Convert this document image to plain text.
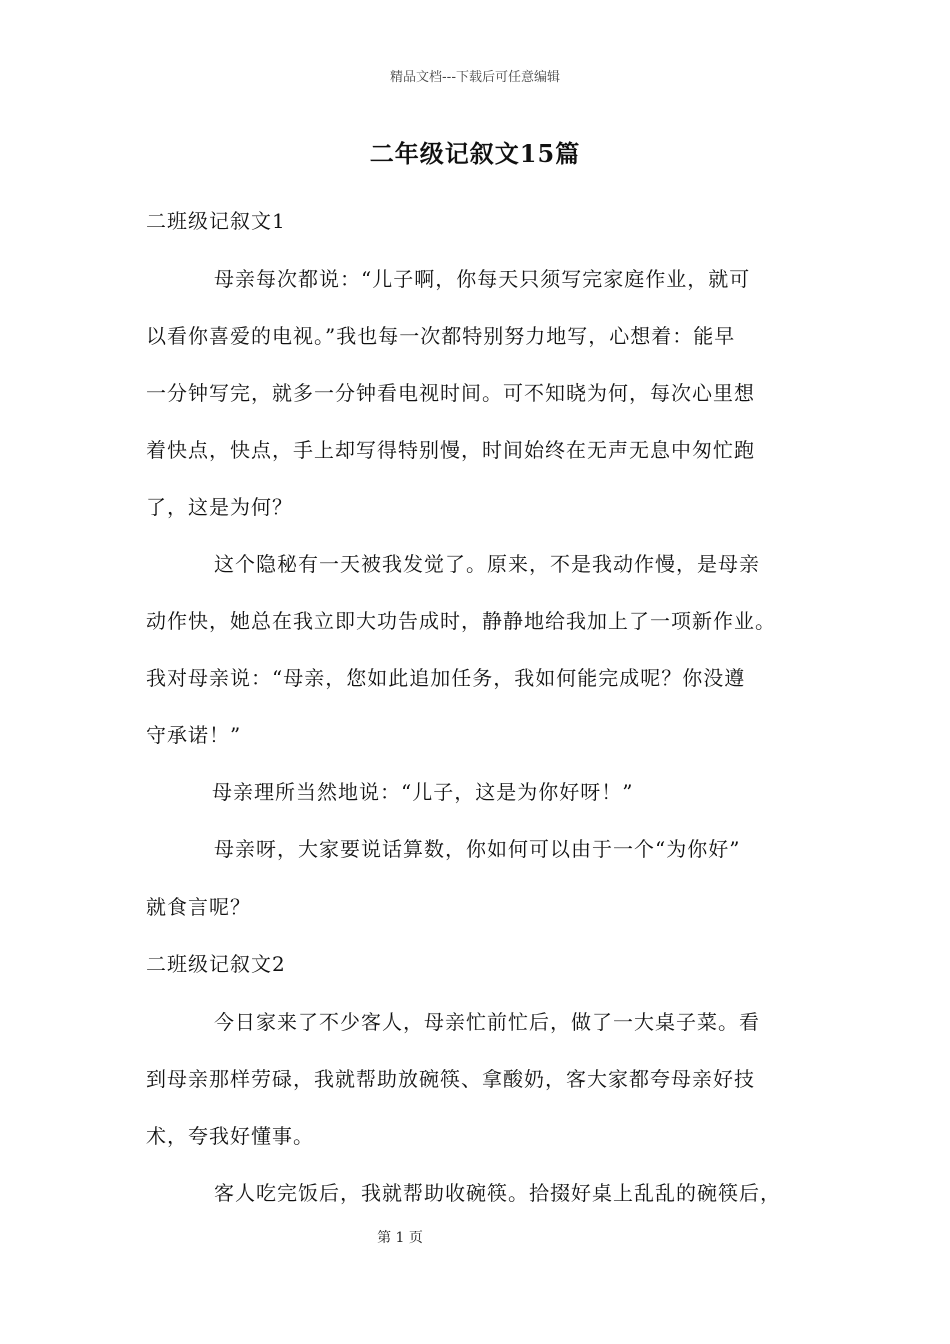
精品文档---下载后可任意编辑
二年级记叙文15篇
二班级记叙文1
母亲每次都说：“儿子啊，你每天只须写完家庭作业，就可
以看你喜爱的电视。”我也每一次都特别努力地写，心想着：能早
一分钟写完，就多一分钟看电视时间。可不知晓为何，每次心里想
着快点，快点，手上却写得特别慢，时间始终在无声无息中匆忙跑
了，这是为何？
这个隐秘有一天被我发觉了。原来，不是我动作慢，是母亲
动作快，她总在我立即大功告成时，静静地给我加上了一项新作业。
我对母亲说：“母亲，您如此追加任务，我如何能完成呢？你没遵
守承诺！”
母亲理所当然地说：“儿子，这是为你好呀！”
母亲呀，大家要说话算数，你如何可以由于一个“为你好”
就食言呢？
二班级记叙文2
今日家来了不少客人，母亲忙前忙后，做了一大桌子菜。看
到母亲那样劳碌，我就帮助放碗筷、拿酸奶，客大家都夸母亲好技
术，夸我好懂事。
客人吃完饭后，我就帮助收碗筷。拾掇好桌上乱乱的碗筷后，
第 1 页
